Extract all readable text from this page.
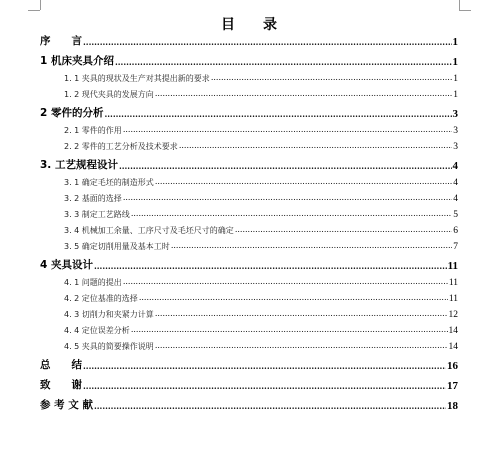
目　　录
序　　言 .....	1
1 机床夹具介绍 .....	1
1. 1 夹具的现状及生产对其提出新的要求 .....	1
1. 2 现代夹具的发展方向 .....	1
2 零件的分析 .....	3
2. 1 零件的作用 .....	3
2. 2 零件的工艺分析及技术要求 .....	3
3. 工艺规程设计 .....	4
3. 1 确定毛坯的制造形式 .....	4
3. 2 基面的选择 .....	4
3. 3 制定工艺路线 .....	5
3. 4 机械加工余量、工序尺寸及毛坯尺寸的确定 .....	6
3. 5 确定切削用量及基本工时 .....	7
4 夹具设计 .....	11
4. 1 问题的提出 .....	11
4. 2 定位基准的选择 .....	11
4. 3 切削力和夹紧力计算 .....	12
4. 4 定位误差分析 .....	14
4. 5 夹具的简要操作说明 .....	14
总　　结 .....	16
致　　谢 .....	17
参 考 文 献 .....	18
